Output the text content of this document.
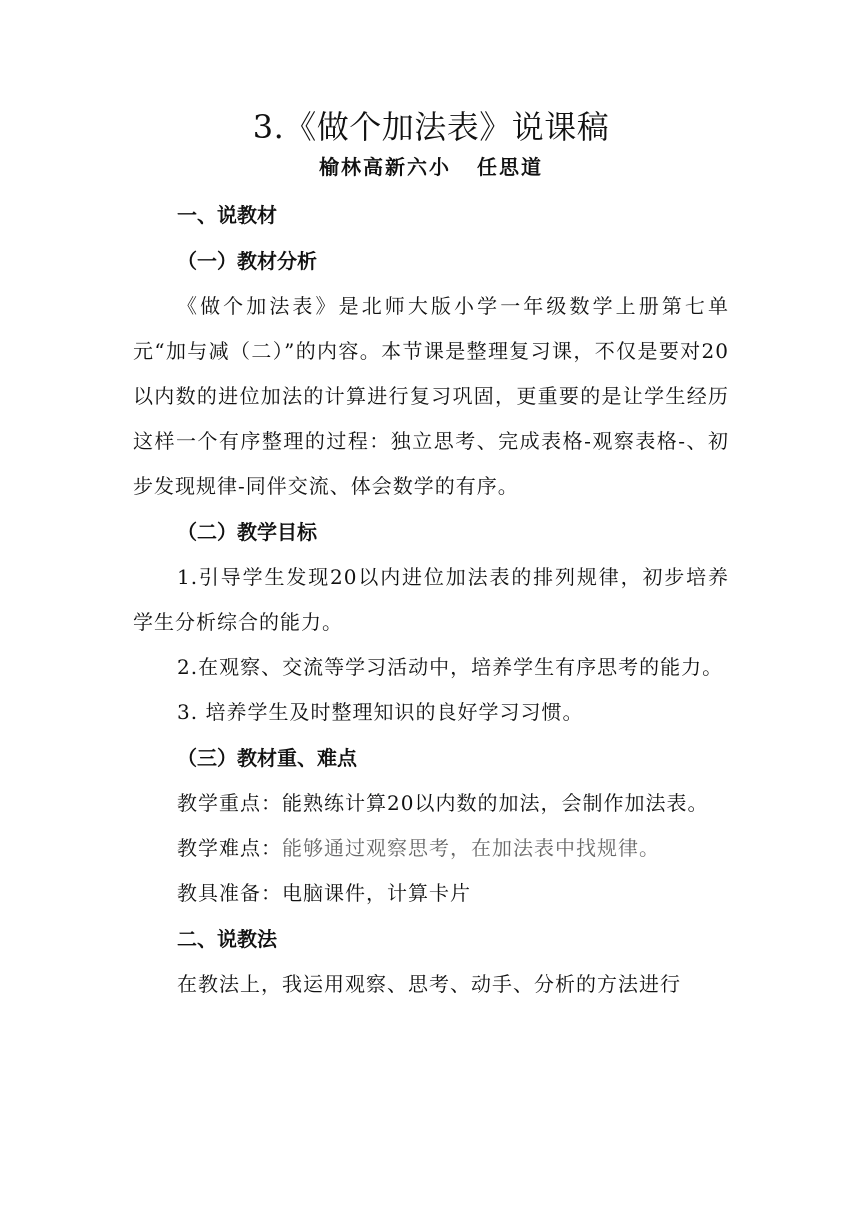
3.《做个加法表》说课稿
榆林高新六小 任思道
一、说教材
（一）教材分析

《做个加法表》是北师大版小学一年级数学上册第七单元“加与减（二）”的内容。本节课是整理复习课，不仅是要对20以内数的进位加法的计算进行复习巩固，更重要的是让学生经历这样一个有序整理的过程：独立思考、完成表格-观察表格-、初步发现规律-同伴交流、体会数学的有序。

（二）教学目标

1.引导学生发现20以内进位加法表的排列规律，初步培养学生分析综合的能力。

2.在观察、交流等学习活动中，培养学生有序思考的能力。

3. 培养学生及时整理知识的良好学习习惯。

（三）教材重、难点

教学重点：能熟练计算20以内数的加法，会制作加法表。

教学难点：能够通过观察思考，在加法表中找规律。

教具准备：电脑课件，计算卡片

二、说教法

在教法上，我运用观察、思考、动手、分析的方法进行
